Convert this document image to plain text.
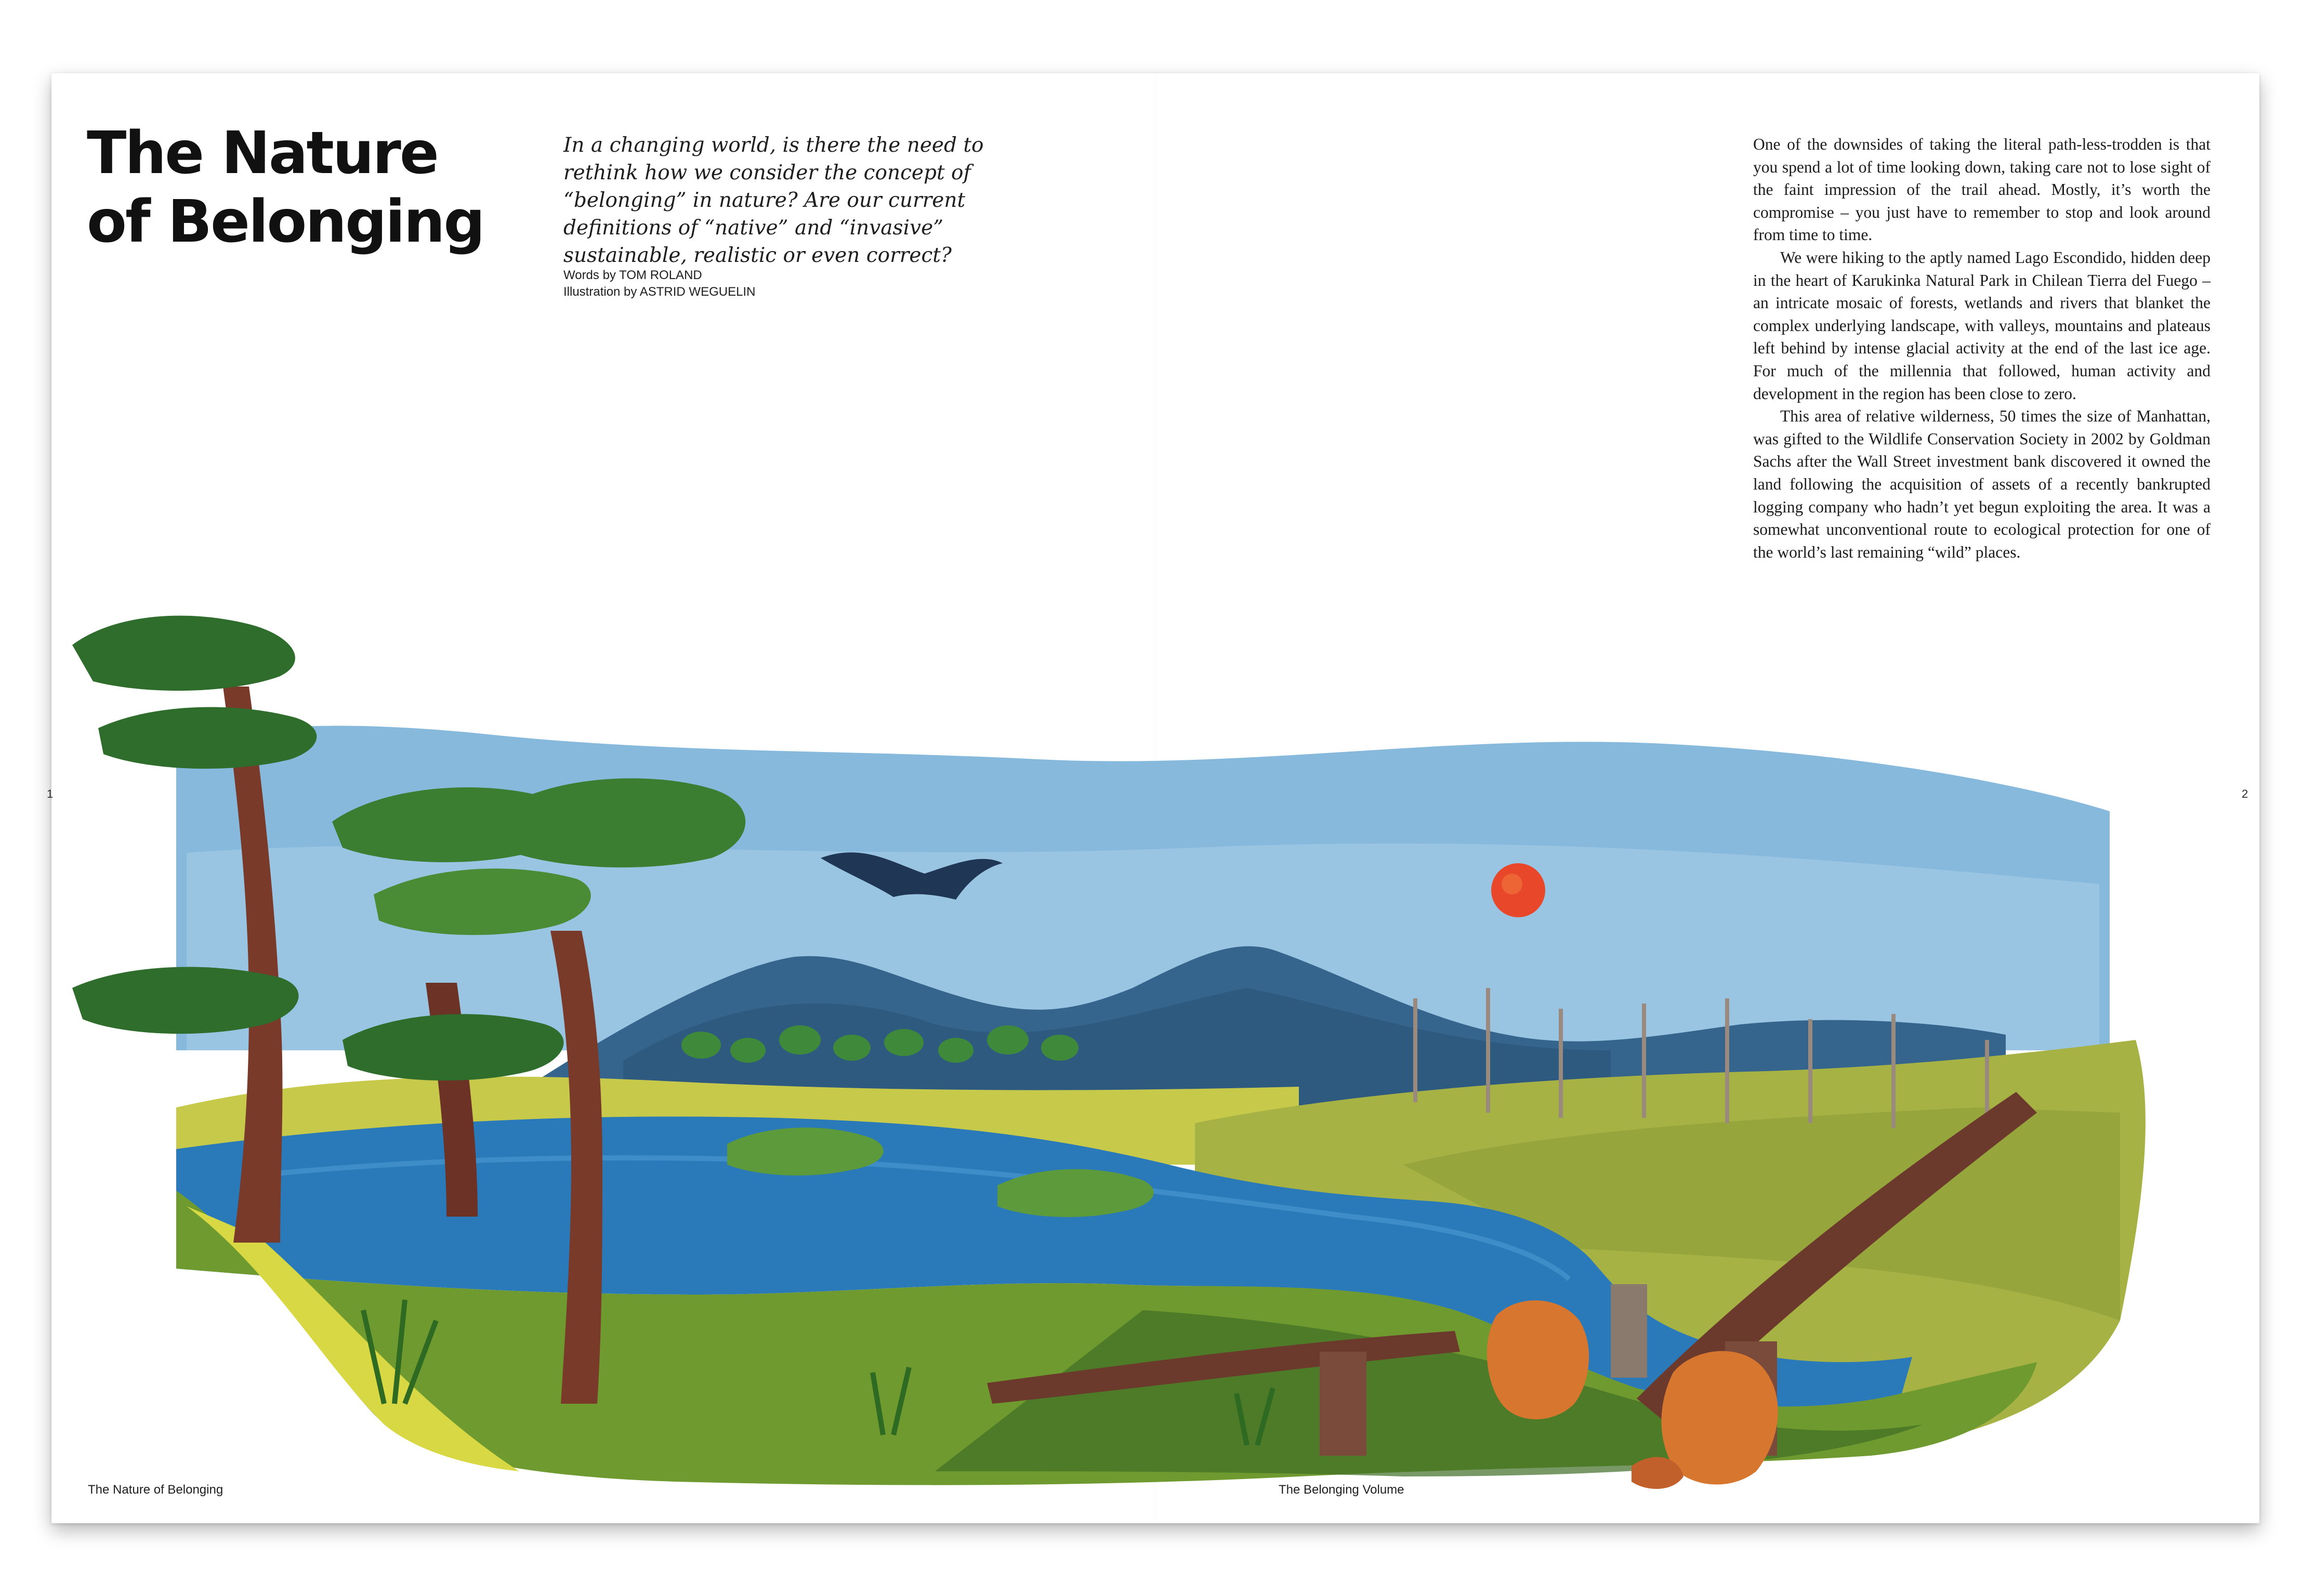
The Nature
of Belonging

In a changing world, is there the need to rethink how we consider the concept of “belonging” in nature? Are our current definitions of “native” and “invasive” sustainable, realistic or even correct?

Words by TOM ROLAND
Illustration by ASTRID WEGUELIN

One of the downsides of taking the literal path-less-trodden is that you spend a lot of time looking down, taking care not to lose sight of the faint impression of the trail ahead. Mostly, it’s worth the compromise – you just have to remember to stop and look around from time to time.

We were hiking to the aptly named Lago Escondido, hidden deep in the heart of Karukinka Natural Park in Chilean Tierra del Fuego – an intricate mosaic of forests, wetlands and rivers that blanket the complex underlying landscape, with valleys, mountains and plateaus left behind by intense glacial activity at the end of the last ice age. For much of the millennia that followed, human activity and development in the region has been close to zero.

This area of relative wilderness, 50 times the size of Manhattan, was gifted to the Wildlife Conservation Society in 2002 by Goldman Sachs after the Wall Street investment bank discovered it owned the land following the acquisition of assets of a recently bankrupted logging company who hadn’t yet begun exploiting the area. It was a somewhat unconventional route to ecological protection for one of the world’s last remaining “wild” places.

1	2
The Nature of Belonging	The Belonging Volume
